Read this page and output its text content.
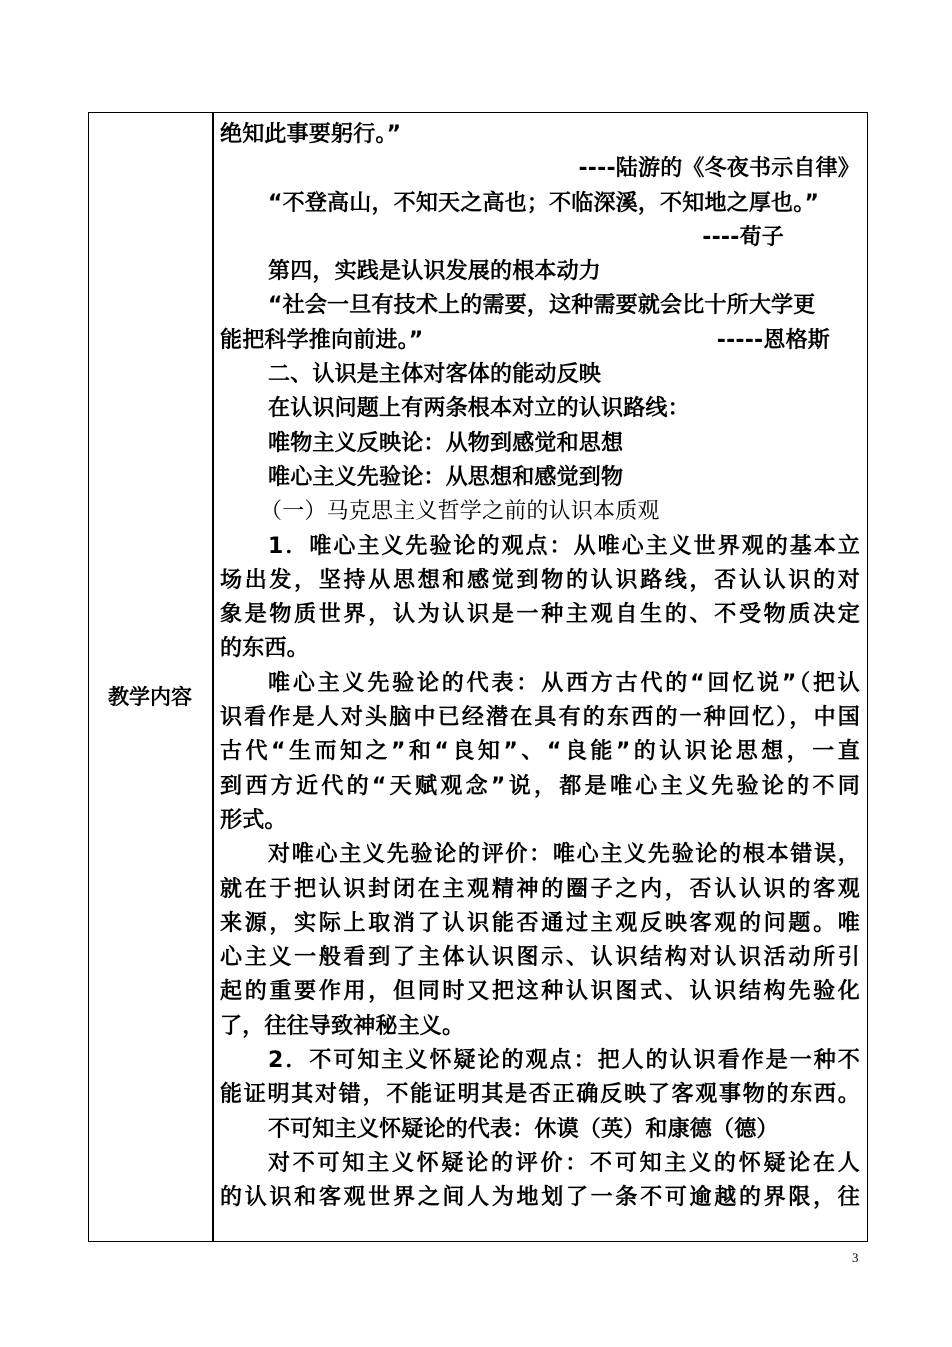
教学内容
绝知此事要躬行。”
----陆游的《冬夜书示自律》
“不登高山，不知天之高也；不临深溪，不知地之厚也。”
----荀子
第四，实践是认识发展的根本动力
“社会一旦有技术上的需要，这种需要就会比十所大学更
能把科学推向前进。”	-----恩格斯
二、认识是主体对客体的能动反映
在认识问题上有两条根本对立的认识路线：
唯物主义反映论：从物到感觉和思想
唯心主义先验论：从思想和感觉到物
（一）马克思主义哲学之前的认识本质观
1．唯心主义先验论的观点：从唯心主义世界观的基本立
场出发，坚持从思想和感觉到物的认识路线，否认认识的对
象是物质世界，认为认识是一种主观自生的、不受物质决定
的东西。
唯心主义先验论的代表：从西方古代的“回忆说”（把认
识看作是人对头脑中已经潜在具有的东西的一种回忆），中国
古代“生而知之”和“良知”、“良能”的认识论思想，一直
到西方近代的“天赋观念”说，都是唯心主义先验论的不同
形式。
对唯心主义先验论的评价：唯心主义先验论的根本错误，
就在于把认识封闭在主观精神的圈子之内，否认认识的客观
来源，实际上取消了认识能否通过主观反映客观的问题。唯
心主义一般看到了主体认识图示、认识结构对认识活动所引
起的重要作用，但同时又把这种认识图式、认识结构先验化
了，往往导致神秘主义。
2．不可知主义怀疑论的观点：把人的认识看作是一种不
能证明其对错，不能证明其是否正确反映了客观事物的东西。
不可知主义怀疑论的代表：休谟（英）和康德（德）
对不可知主义怀疑论的评价：不可知主义的怀疑论在人
的认识和客观世界之间人为地划了一条不可逾越的界限，往
3
